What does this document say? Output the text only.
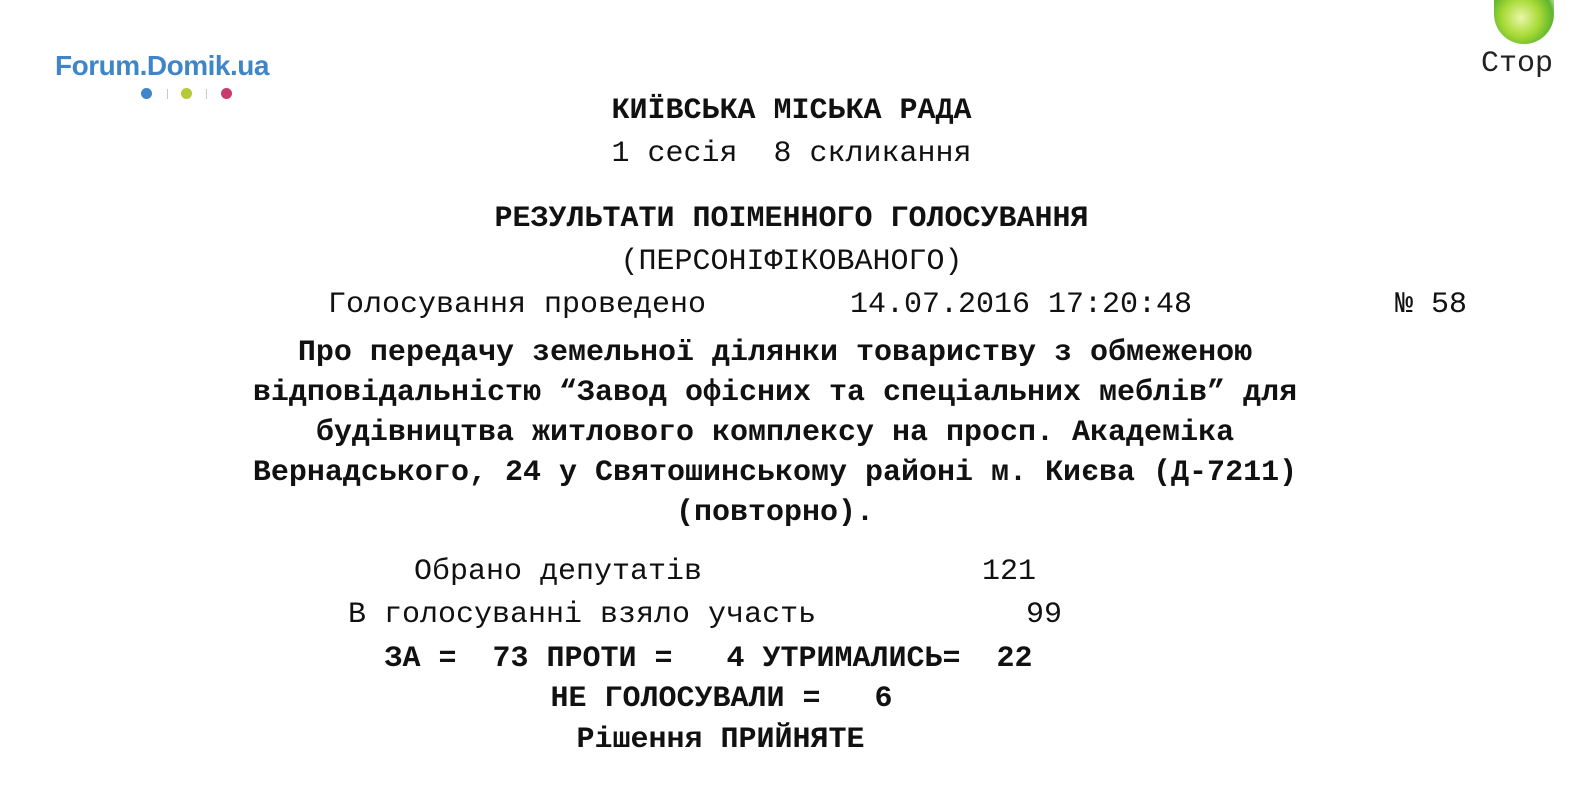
Forum.Domik.ua	Стор
КИЇВСЬКА МІСЬКА РАДА
1 сесія  8 скликання
РЕЗУЛЬТАТИ ПОІМЕННОГО ГОЛОСУВАННЯ
(ПЕРСОНІФІКОВАНОГО)
Голосування проведено	14.07.2016 17:20:48	№ 58
Про передачу земельної ділянки товариству з обмеженою
відповідальністю “Завод офісних та спеціальних меблів” для
будівництва житлового комплексу на просп. Академіка
Вернадського, 24 у Святошинському районі м. Києва (Д-7211)
(повторно).
Обрано депутатів	121
В голосуванні взяло участь	99
ЗА =  73 ПРОТИ =   4 УТРИМАЛИСЬ=  22
НЕ ГОЛОСУВАЛИ =   6
Рішення ПРИЙНЯТЕ
